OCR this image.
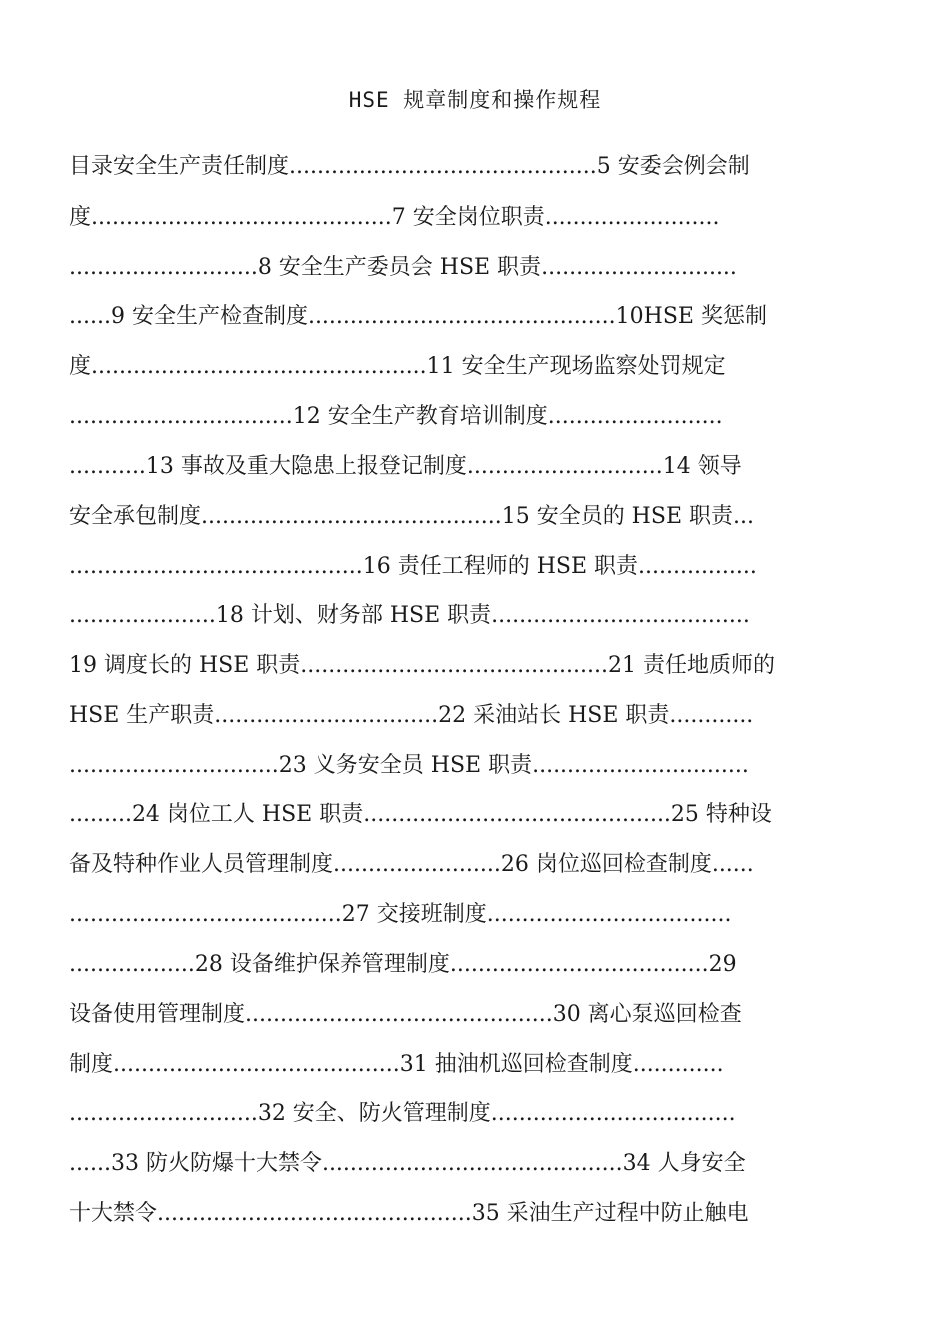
HSE 规章制度和操作规程
目录安全生产责任制度............................................5 安委会例会制
度...........................................7 安全岗位职责.........................
...........................8 安全生产委员会 HSE 职责............................
......9 安全生产检查制度............................................10HSE 奖惩制
度................................................11 安全生产现场监察处罚规定
................................12 安全生产教育培训制度.........................
...........13 事故及重大隐患上报登记制度............................14 领导
安全承包制度...........................................15 安全员的 HSE 职责...
..........................................16 责任工程师的 HSE 职责.................
.....................18 计划、财务部 HSE 职责.....................................
19 调度长的 HSE 职责............................................21 责任地质师的
HSE 生产职责................................22 采油站长 HSE 职责............
..............................23 义务安全员 HSE 职责...............................
.........24 岗位工人 HSE 职责............................................25 特种设
备及特种作业人员管理制度........................26 岗位巡回检查制度......
.......................................27 交接班制度...................................
..................28 设备维护保养管理制度.....................................29
设备使用管理制度............................................30 离心泵巡回检查
制度.........................................31 抽油机巡回检查制度.............
...........................32 安全、防火管理制度...................................
......33 防火防爆十大禁令...........................................34 人身安全
十大禁令.............................................35 采油生产过程中防止触电
